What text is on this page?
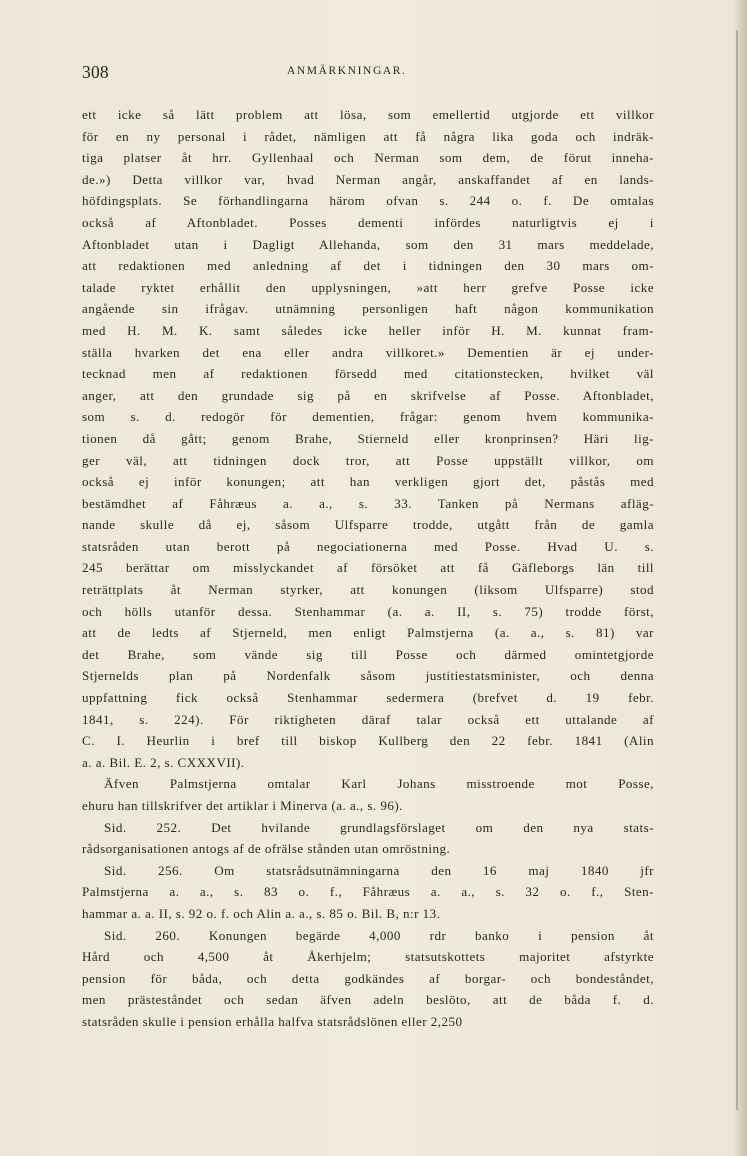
308	ANMÄRKNINGAR.
ett icke så lätt problem att lösa, som emellertid utgjorde ett villkor
för en ny personal i rådet, nämligen att få några lika goda och indräk-
tiga platser åt hrr. Gyllenhaal och Nerman som dem, de förut inneha-
de.») Detta villkor var, hvad Nerman angår, anskaffandet af en lands-
höfdingsplats. Se förhandlingarna härom ofvan s. 244 o. f. De omtalas
också af Aftonbladet. Posses dementi infördes naturligtvis ej i
Aftonbladet utan i Dagligt Allehanda, som den 31 mars meddelade,
att redaktionen med anledning af det i tidningen den 30 mars om-
talade ryktet erhållit den upplysningen, »att herr grefve Posse icke
angående sin ifrågav. utnämning personligen haft någon kommunikation
med H. M. K. samt således icke heller inför H. M. kunnat fram-
ställa hvarken det ena eller andra villkoret.» Dementien är ej under-
tecknad men af redaktionen försedd med citationstecken, hvilket väl
anger, att den grundade sig på en skrifvelse af Posse. Aftonbladet,
som s. d. redogör för dementien, frågar: genom hvem kommunika-
tionen då gått; genom Brahe, Stierneld eller kronprinsen? Häri lig-
ger väl, att tidningen dock tror, att Posse uppställt villkor, om
också ej inför konungen; att han verkligen gjort det, påstås med
bestämdhet af Fåhræus a. a., s. 33. Tanken på Nermans afläg-
nande skulle då ej, såsom Ulfsparre trodde, utgått från de gamla
statsråden utan berott på negociationerna med Posse. Hvad U. s.
245 berättar om misslyckandet af försöket att få Gäfleborgs län till
reträttplats åt Nerman styrker, att konungen (liksom Ulfsparre) stod
och hölls utanför dessa. Stenhammar (a. a. II, s. 75) trodde först,
att de ledts af Stjerneld, men enligt Palmstjerna (a. a., s. 81) var
det Brahe, som vände sig till Posse och därmed omintetgjorde
Stjernelds plan på Nordenfalk såsom justitiestatsminister, och denna
uppfattning fick också Stenhammar sedermera (brefvet d. 19 febr.
1841, s. 224). För riktigheten däraf talar också ett uttalande af
C. I. Heurlin i bref till biskop Kullberg den 22 febr. 1841 (Alin
a. a. Bil. E. 2, s. CXXXVII).
Äfven Palmstjerna omtalar Karl Johans misstroende mot Posse,
ehuru han tillskrifver det artiklar i Minerva (a. a., s. 96).
Sid. 252. Det hvilande grundlagsförslaget om den nya stats-
rådsorganisationen antogs af de ofrälse stånden utan omröstning.
Sid. 256. Om statsrådsutnämningarna den 16 maj 1840 jfr
Palmstjerna a. a., s. 83 o. f., Fåhræus a. a., s. 32 o. f., Sten-
hammar a. a. II, s. 92 o. f. och Alin a. a., s. 85 o. Bil. B, n:r 13.
Sid. 260. Konungen begärde 4,000 rdr banko i pension åt
Hård och 4,500 åt Åkerhjelm; statsutskottets majoritet afstyrkte
pension för båda, och detta godkändes af borgar- och bondeståndet,
men prästeståndet och sedan äfven adeln beslöto, att de båda f. d.
statsråden skulle i pension erhålla halfva statsrådslönen eller 2,250
